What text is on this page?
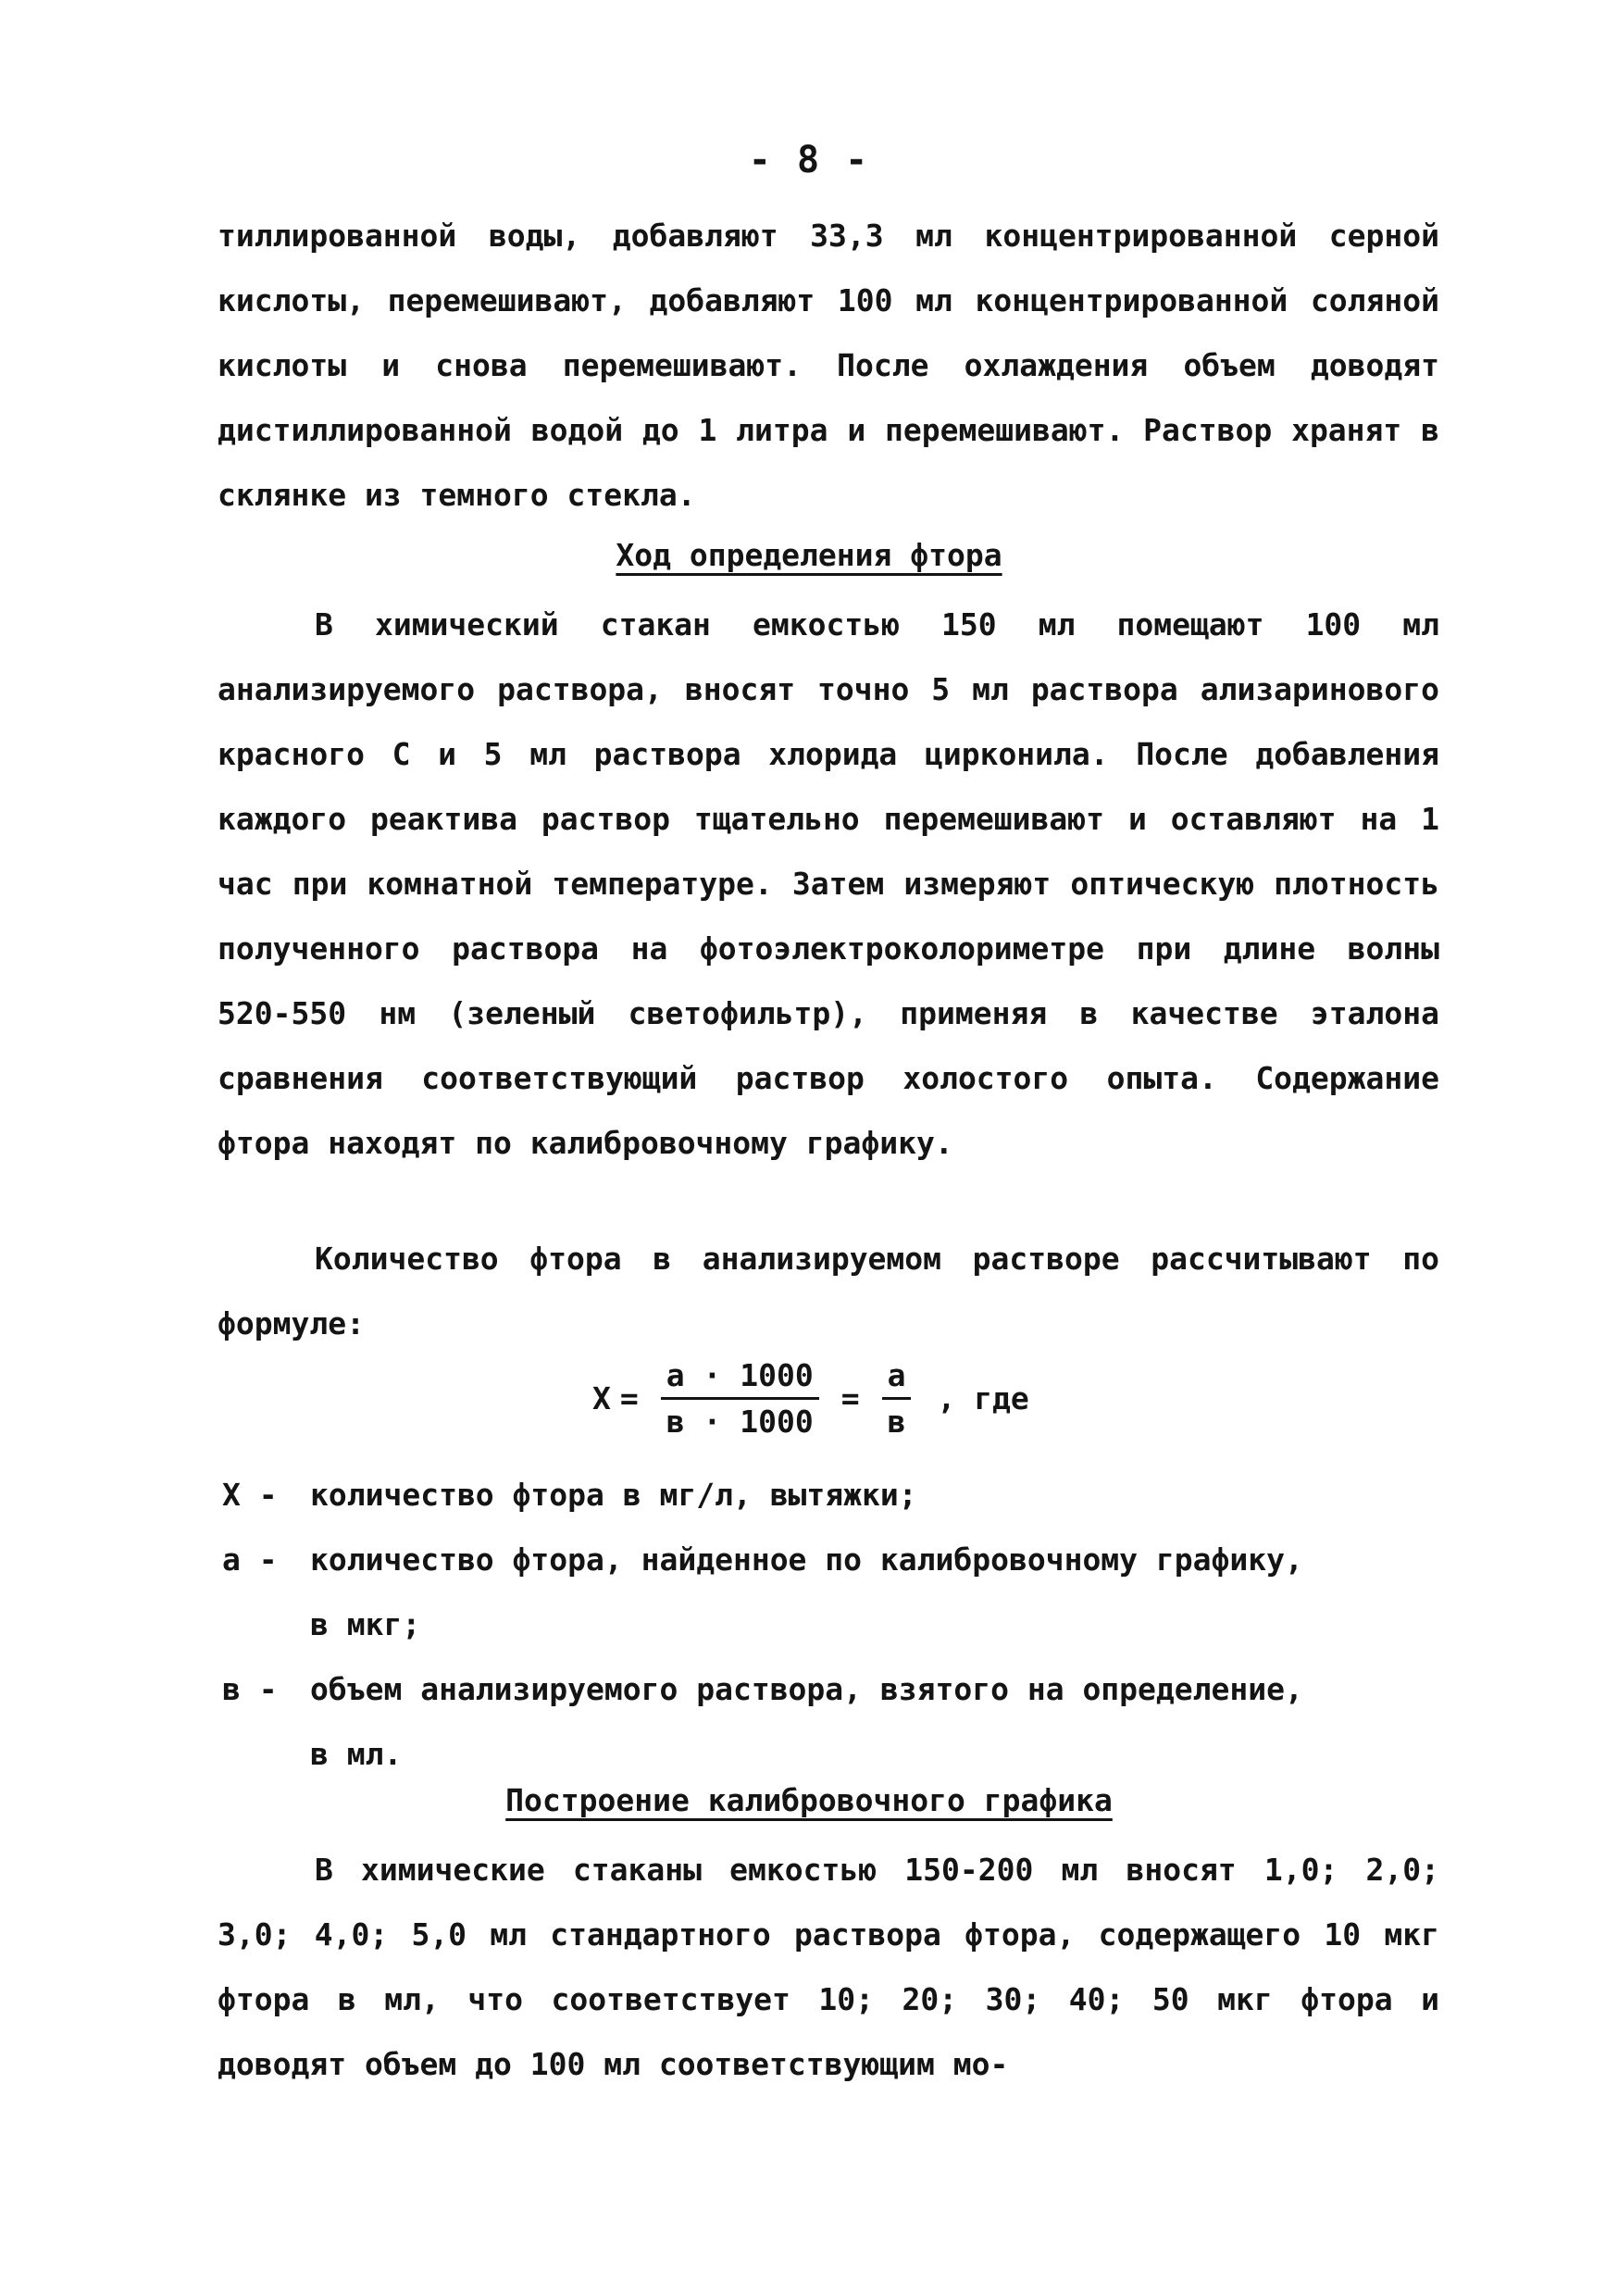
- 8 -
тиллированной воды, добавляют 33,3 мл концентрированной серной кислоты, перемешивают, добавляют 100 мл концентрированной соляной кислоты и снова перемешивают. После охлаждения объем доводят дистиллированной водой до 1 литра и перемешивают. Раствор хранят в склянке из темного стекла.
Ход определения фтора
В химический стакан емкостью 150 мл помещают 100 мл анализируемого раствора, вносят точно 5 мл раствора ализаринового красного С и 5 мл раствора хлорида цирконила. После добавления каждого реактива раствор тщательно перемешивают и оставляют на 1 час при комнатной температуре. Затем измеряют оптическую плотность полученного раствора на фотоэлектроколориметре при длине волны 520-550 нм (зеленый светофильтр), применяя в качестве эталона сравнения соответствующий раствор холостого опыта. Содержание фтора находят по калибровочному графику.
Количество фтора в анализируемом растворе рассчитывают по формуле:
$X = \frac{а \cdot 1000}{в \cdot 1000} = \frac{а}{в}$ , где
X - количество фтора в мг/л, вытяжки;
а - количество фтора, найденное по калибровочному графику,
в мкг;
в - объем анализируемого раствора, взятого на определение,
в мл.
Построение калибровочного графика
В химические стаканы емкостью 150-200 мл вносят 1,0; 2,0; 3,0; 4,0; 5,0 мл стандартного раствора фтора, содержащего 10 мкг фтора в мл, что соответствует 10; 20; 30; 40; 50 мкг фтора и доводят объем до 100 мл соответствующим мо-
